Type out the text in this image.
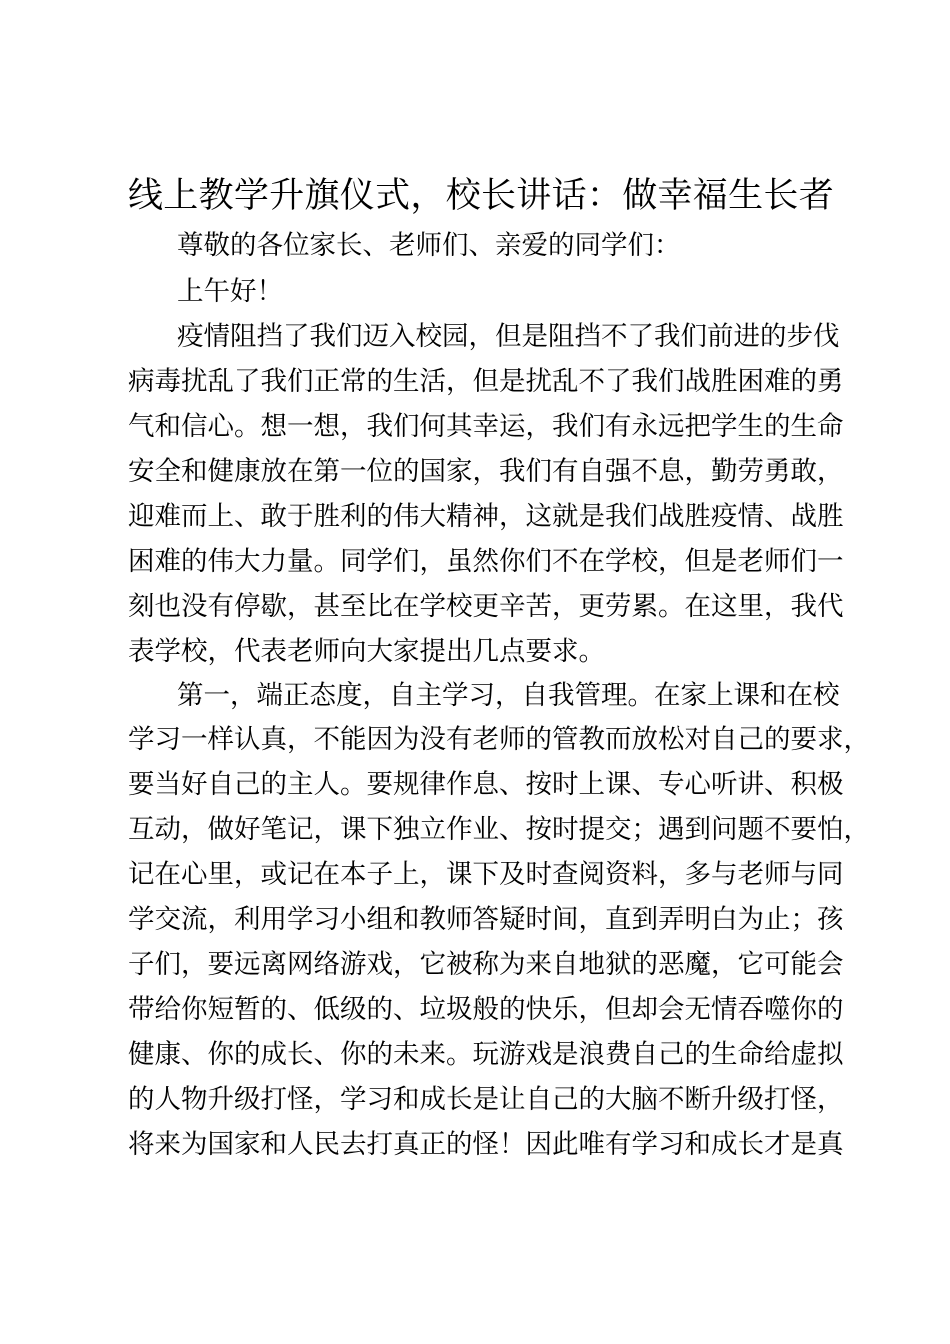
线上教学升旗仪式，校长讲话：做幸福生长者
尊敬的各位家长、老师们、亲爱的同学们：
上午好！
疫情阻挡了我们迈入校园，但是阻挡不了我们前进的步伐
病毒扰乱了我们正常的生活，但是扰乱不了我们战胜困难的勇
气和信心。想一想，我们何其幸运，我们有永远把学生的生命
安全和健康放在第一位的国家，我们有自强不息，勤劳勇敢，
迎难而上、敢于胜利的伟大精神，这就是我们战胜疫情、战胜
困难的伟大力量。同学们，虽然你们不在学校，但是老师们一
刻也没有停歇，甚至比在学校更辛苦，更劳累。在这里，我代
表学校，代表老师向大家提出几点要求。
第一，端正态度，自主学习，自我管理。在家上课和在校
学习一样认真，不能因为没有老师的管教而放松对自己的要求，
要当好自己的主人。要规律作息、按时上课、专心听讲、积极
互动，做好笔记，课下独立作业、按时提交；遇到问题不要怕，
记在心里，或记在本子上，课下及时查阅资料，多与老师与同
学交流，利用学习小组和教师答疑时间，直到弄明白为止；孩
子们，要远离网络游戏，它被称为来自地狱的恶魔，它可能会
带给你短暂的、低级的、垃圾般的快乐，但却会无情吞噬你的
健康、你的成长、你的未来。玩游戏是浪费自己的生命给虚拟
的人物升级打怪，学习和成长是让自己的大脑不断升级打怪，
将来为国家和人民去打真正的怪！因此唯有学习和成长才是真
